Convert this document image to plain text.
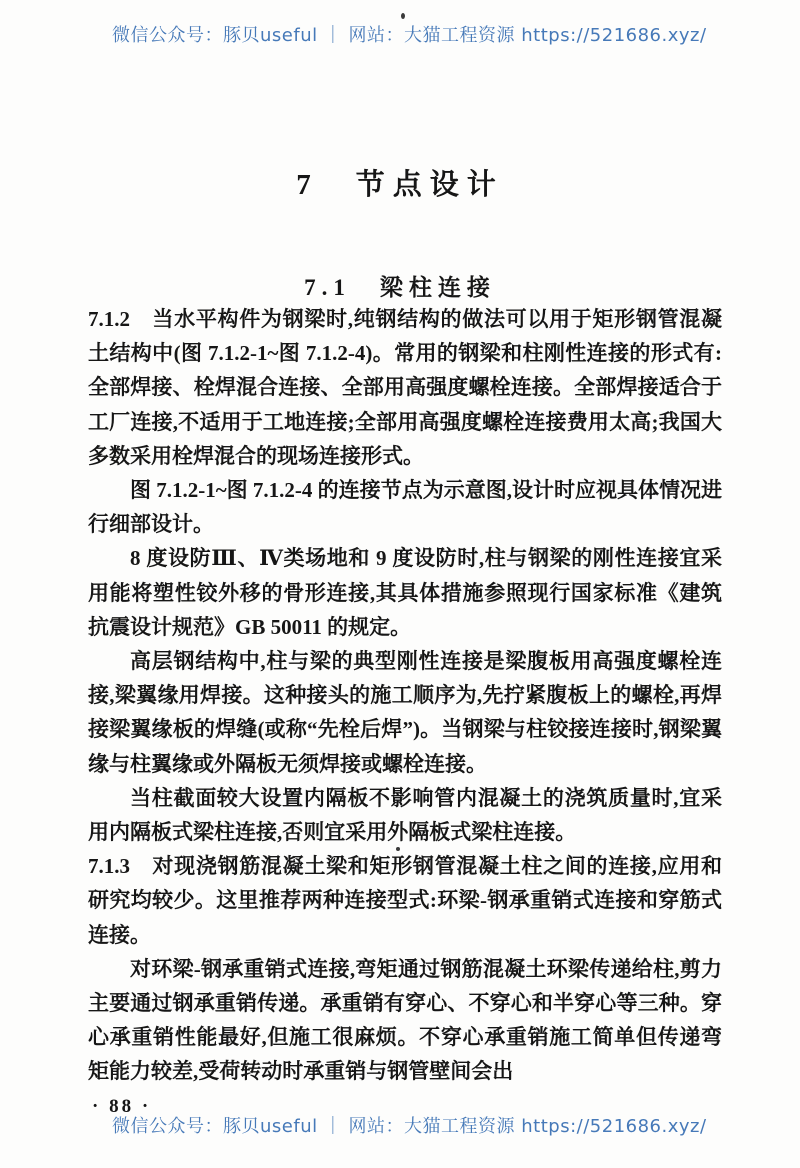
微信公众号：豚贝useful ｜ 网站：大猫工程资源 https://521686.xyz/
7　节点设计
7.1　梁柱连接

7.1.2　当水平构件为钢梁时,纯钢结构的做法可以用于矩形钢管混凝土结构中(图 7.1.2-1~图 7.1.2-4)。常用的钢梁和柱刚性连接的形式有:全部焊接、栓焊混合连接、全部用高强度螺栓连接。全部焊接适合于工厂连接,不适用于工地连接;全部用高强度螺栓连接费用太高;我国大多数采用栓焊混合的现场连接形式。

图 7.1.2-1~图 7.1.2-4 的连接节点为示意图,设计时应视具体情况进行细部设计。

8 度设防Ⅲ、Ⅳ类场地和 9 度设防时,柱与钢梁的刚性连接宜采用能将塑性铰外移的骨形连接,其具体措施参照现行国家标准《建筑抗震设计规范》GB 50011 的规定。

高层钢结构中,柱与梁的典型刚性连接是梁腹板用高强度螺栓连接,梁翼缘用焊接。这种接头的施工顺序为,先拧紧腹板上的螺栓,再焊接梁翼缘板的焊缝(或称“先栓后焊”)。当钢梁与柱铰接连接时,钢梁翼缘与柱翼缘或外隔板无须焊接或螺栓连接。

当柱截面较大设置内隔板不影响管内混凝土的浇筑质量时,宜采用内隔板式梁柱连接,否则宜采用外隔板式梁柱连接。

7.1.3　对现浇钢筋混凝土梁和矩形钢管混凝土柱之间的连接,应用和研究均较少。这里推荐两种连接型式:环梁-钢承重销式连接和穿筋式连接。

对环梁-钢承重销式连接,弯矩通过钢筋混凝土环梁传递给柱,剪力主要通过钢承重销传递。承重销有穿心、不穿心和半穿心等三种。穿心承重销性能最好,但施工很麻烦。不穿心承重销施工简单但传递弯矩能力较差,受荷转动时承重销与钢管壁间会出

· 88 ·
微信公众号：豚贝useful ｜ 网站：大猫工程资源 https://521686.xyz/
